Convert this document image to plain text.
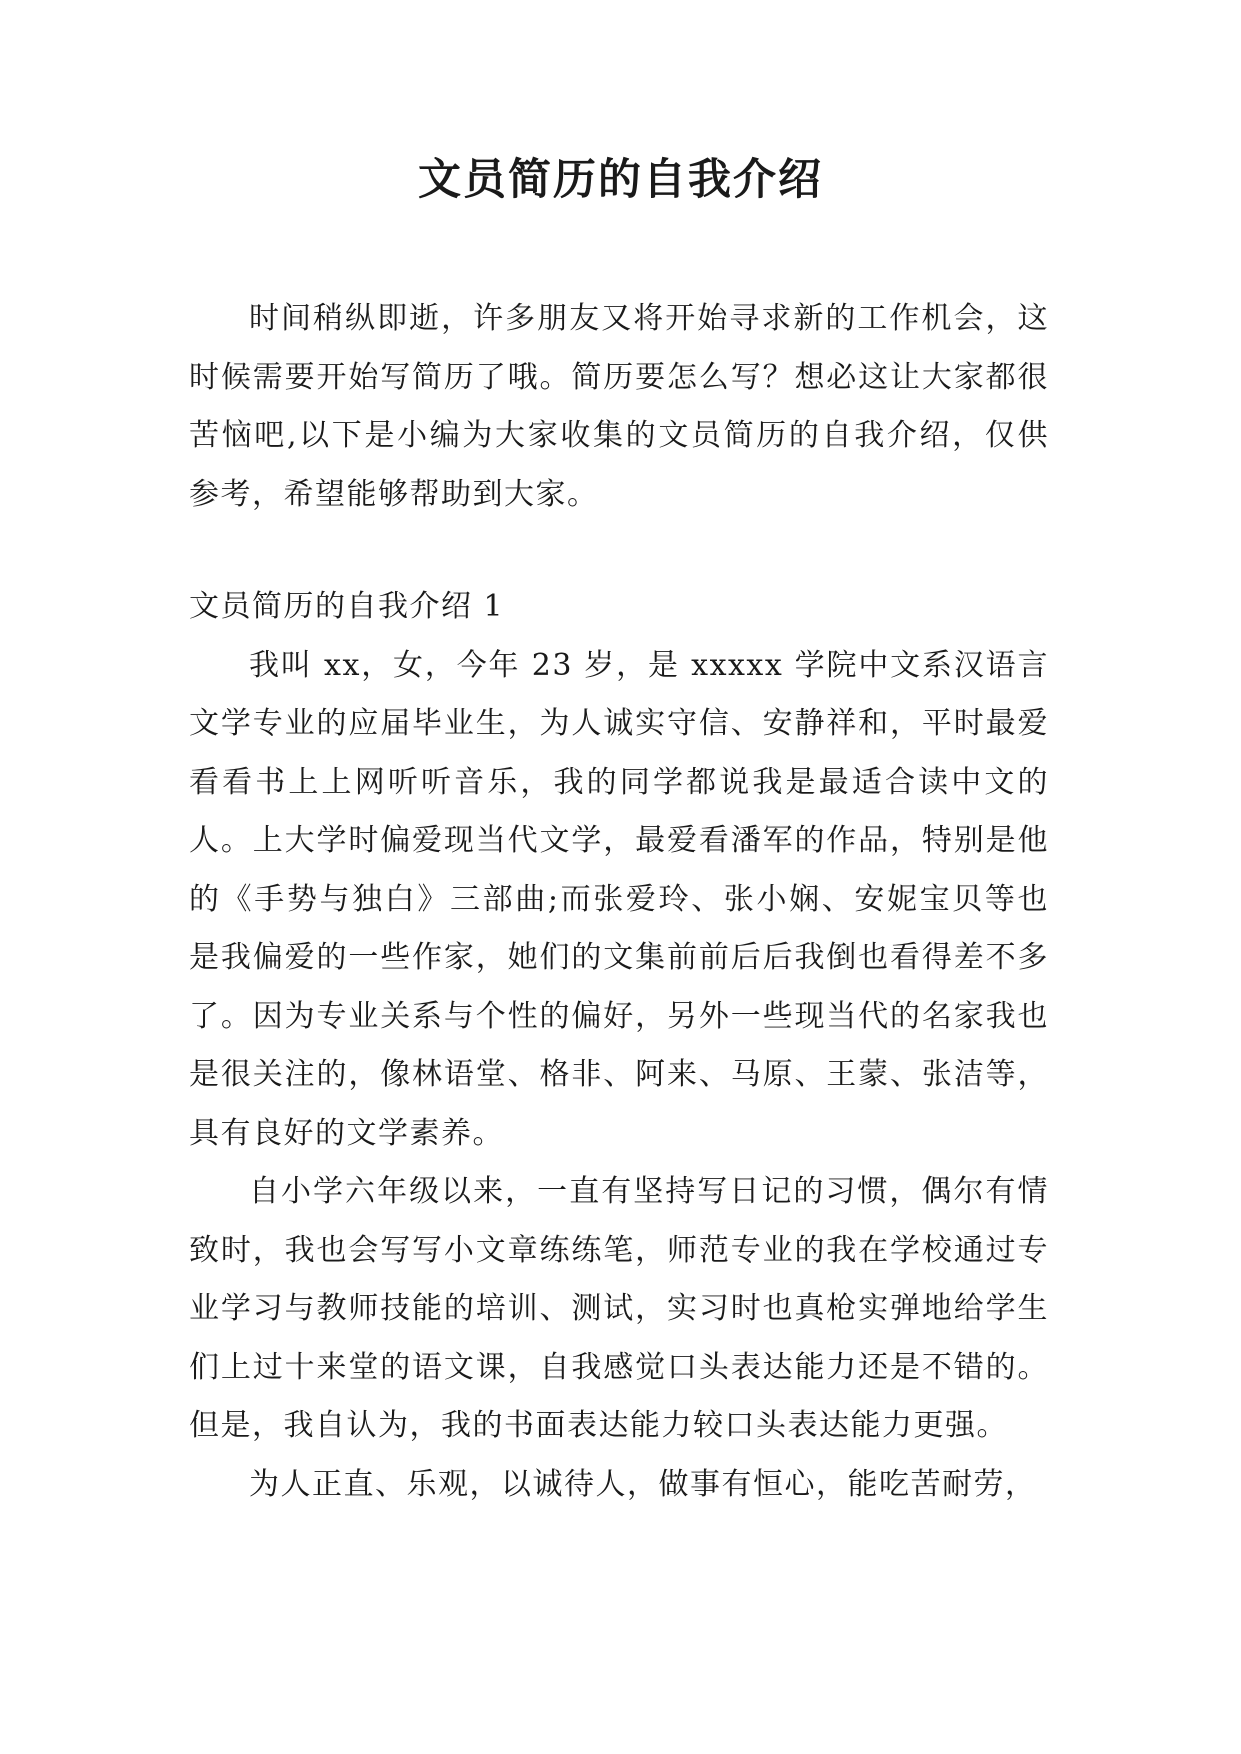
文员简历的自我介绍

时间稍纵即逝，许多朋友又将开始寻求新的工作机会，这时候需要开始写简历了哦。简历要怎么写？想必这让大家都很苦恼吧,以下是小编为大家收集的文员简历的自我介绍，仅供参考，希望能够帮助到大家。

文员简历的自我介绍 1

我叫 xx，女，今年 23 岁，是 xxxxx 学院中文系汉语言文学专业的应届毕业生，为人诚实守信、安静祥和，平时最爱看看书上上网听听音乐，我的同学都说我是最适合读中文的人。上大学时偏爱现当代文学，最爱看潘军的作品，特别是他的《手势与独白》三部曲;而张爱玲、张小娴、安妮宝贝等也是我偏爱的一些作家，她们的文集前前后后我倒也看得差不多了。因为专业关系与个性的偏好，另外一些现当代的名家我也是很关注的，像林语堂、格非、阿来、马原、王蒙、张洁等，具有良好的文学素养。

自小学六年级以来，一直有坚持写日记的习惯，偶尔有情致时，我也会写写小文章练练笔，师范专业的我在学校通过专业学习与教师技能的培训、测试，实习时也真枪实弹地给学生们上过十来堂的语文课，自我感觉口头表达能力还是不错的。但是，我自认为，我的书面表达能力较口头表达能力更强。

为人正直、乐观，以诚待人，做事有恒心，能吃苦耐劳，
